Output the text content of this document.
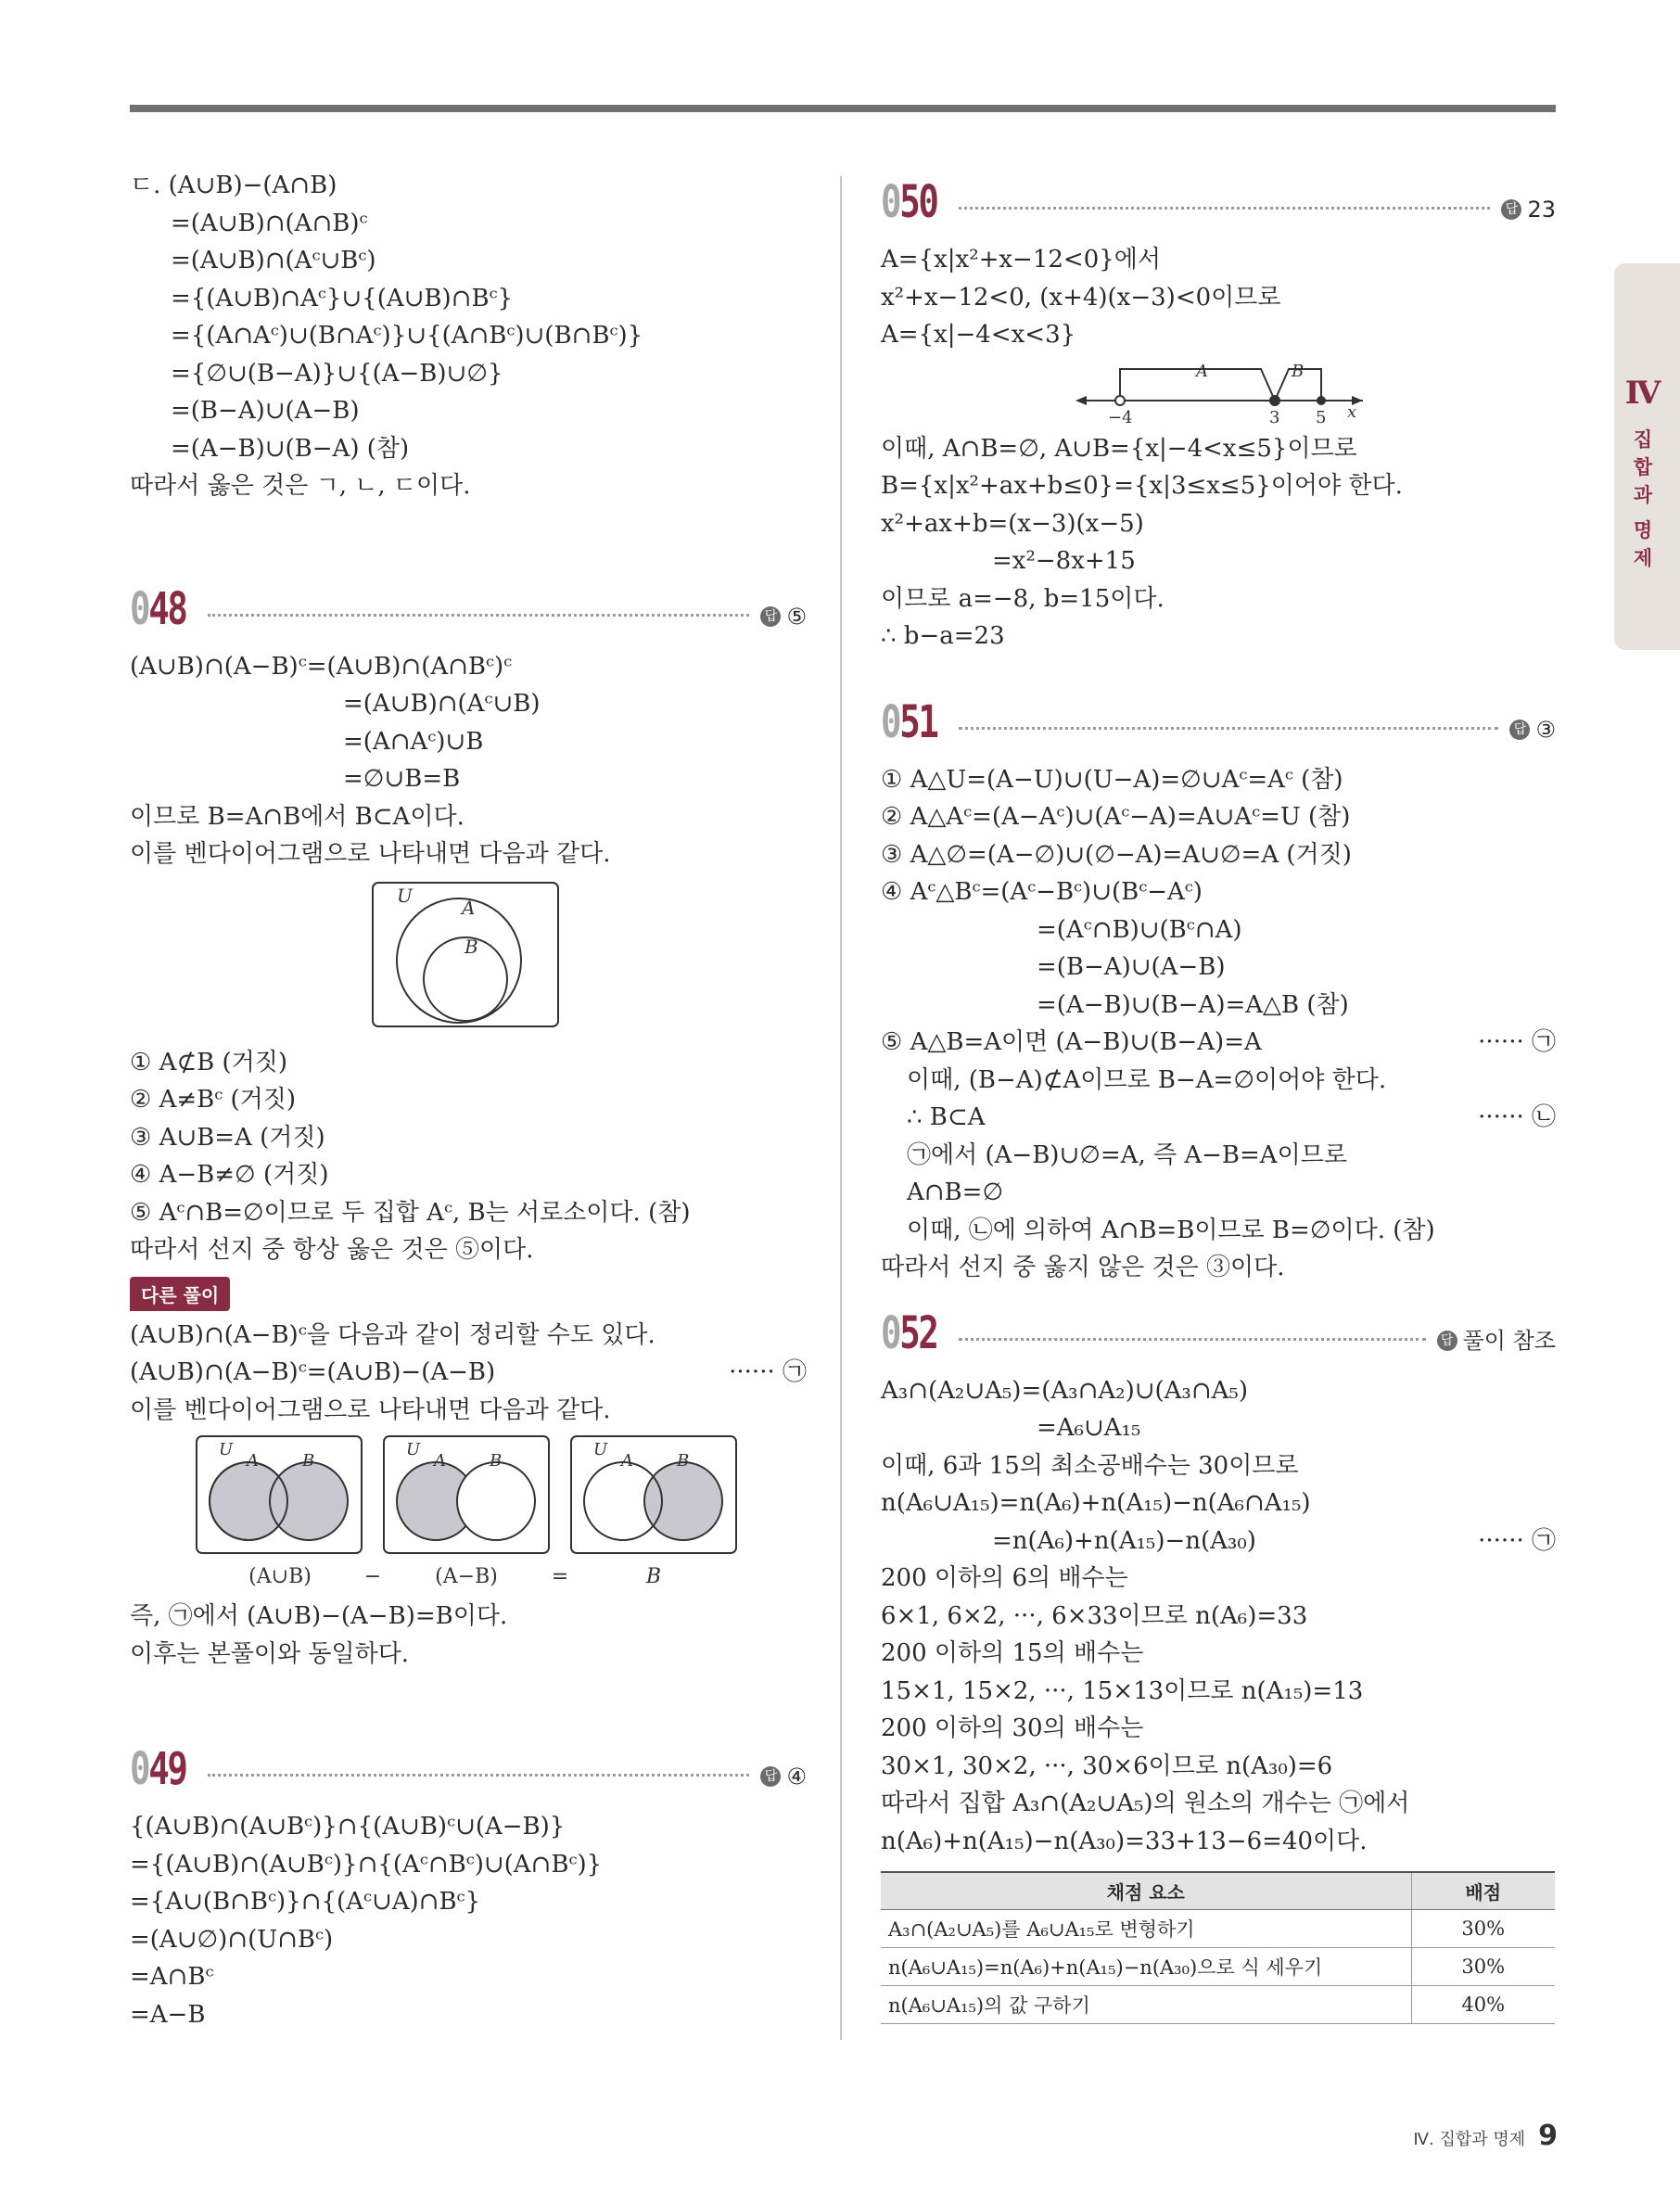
ㄷ. (A∪B)−(A∩B)
=(A∪B)∩(A∩B)ᶜ
=(A∪B)∩(Aᶜ∪Bᶜ)
={(A∪B)∩Aᶜ}∪{(A∪B)∩Bᶜ}
={(A∩Aᶜ)∪(B∩Aᶜ)}∪{(A∩Bᶜ)∪(B∩Bᶜ)}
={∅∪(B−A)}∪{(A−B)∪∅}
=(B−A)∪(A−B)
=(A−B)∪(B−A) (참)
따라서 옳은 것은 ㄱ, ㄴ, ㄷ이다.
048	답 ⑤
(A∪B)∩(A−B)ᶜ=(A∪B)∩(A∩Bᶜ)ᶜ
=(A∪B)∩(Aᶜ∪B)
=(A∩Aᶜ)∪B
=∅∪B=B
이므로 B=A∩B에서 B⊂A이다.
이를 벤다이어그램으로 나타내면 다음과 같다.
U
A
B
① A⊄B (거짓)
② A≠Bᶜ (거짓)
③ A∪B=A (거짓)
④ A−B≠∅ (거짓)
⑤ Aᶜ∩B=∅이므로 두 집합 Aᶜ, B는 서로소이다. (참)
따라서 선지 중 항상 옳은 것은 ⑤이다.
다른 풀이
(A∪B)∩(A−B)ᶜ을 다음과 같이 정리할 수도 있다.
(A∪B)∩(A−B)ᶜ=(A∪B)−(A−B)	······ ㉠
이를 벤다이어그램으로 나타내면 다음과 같다.
U
A	B
U
A	B
U
A	B
(A∪B)	−	(A−B)	=	B
즉, ㉠에서 (A∪B)−(A−B)=B이다.
이후는 본풀이와 동일하다.
049	답 ④
{(A∪B)∩(A∪Bᶜ)}∩{(A∪B)ᶜ∪(A−B)}
={(A∪B)∩(A∪Bᶜ)}∩{(Aᶜ∩Bᶜ)∪(A∩Bᶜ)}
={A∪(B∩Bᶜ)}∩{(Aᶜ∪A)∩Bᶜ}
=(A∪∅)∩(U∩Bᶜ)
=A∩Bᶜ
=A−B
050	답 23
A={x|x²+x−12<0}에서
x²+x−12<0, (x+4)(x−3)<0이므로
A={x|−4<x<3}
A	B
−4	3 5 x
이때, A∩B=∅, A∪B={x|−4<x≤5}이므로
B={x|x²+ax+b≤0}={x|3≤x≤5}이어야 한다.
x²+ax+b=(x−3)(x−5)
=x²−8x+15
이므로 a=−8, b=15이다.
∴ b−a=23
051	답 ③
① A△U=(A−U)∪(U−A)=∅∪Aᶜ=Aᶜ (참)
② A△Aᶜ=(A−Aᶜ)∪(Aᶜ−A)=A∪Aᶜ=U (참)
③ A△∅=(A−∅)∪(∅−A)=A∪∅=A (거짓)
④ Aᶜ△Bᶜ=(Aᶜ−Bᶜ)∪(Bᶜ−Aᶜ)
=(Aᶜ∩B)∪(Bᶜ∩A)
=(B−A)∪(A−B)
=(A−B)∪(B−A)=A△B (참)
⑤ A△B=A이면 (A−B)∪(B−A)=A	······ ㉠
이때, (B−A)⊄A이므로 B−A=∅이어야 한다.
∴ B⊂A	······ ㉡
㉠에서 (A−B)∪∅=A, 즉 A−B=A이므로
A∩B=∅
이때, ㉡에 의하여 A∩B=B이므로 B=∅이다. (참)
따라서 선지 중 옳지 않은 것은 ③이다.
052	답 풀이 참조
A₃∩(A₂∪A₅)=(A₃∩A₂)∪(A₃∩A₅)
=A₆∪A₁₅
이때, 6과 15의 최소공배수는 30이므로
n(A₆∪A₁₅)=n(A₆)+n(A₁₅)−n(A₆∩A₁₅)
=n(A₆)+n(A₁₅)−n(A₃₀)	······ ㉠
200 이하의 6의 배수는
6×1, 6×2, ···, 6×33이므로 n(A₆)=33
200 이하의 15의 배수는
15×1, 15×2, ···, 15×13이므로 n(A₁₅)=13
200 이하의 30의 배수는
30×1, 30×2, ···, 30×6이므로 n(A₃₀)=6
따라서 집합 A₃∩(A₂∪A₅)의 원소의 개수는 ㉠에서
n(A₆)+n(A₁₅)−n(A₃₀)=33+13−6=40이다.
채점 요소	배점
A₃∩(A₂∪A₅)를 A₆∪A₁₅로 변형하기	30%
n(A₆∪A₁₅)=n(A₆)+n(A₁₅)−n(A₃₀)으로 식 세우기	30%
n(A₆∪A₁₅)의 값 구하기	40%
Ⅳ
집
합
과
명
제
Ⅳ. 집합과 명제 9
